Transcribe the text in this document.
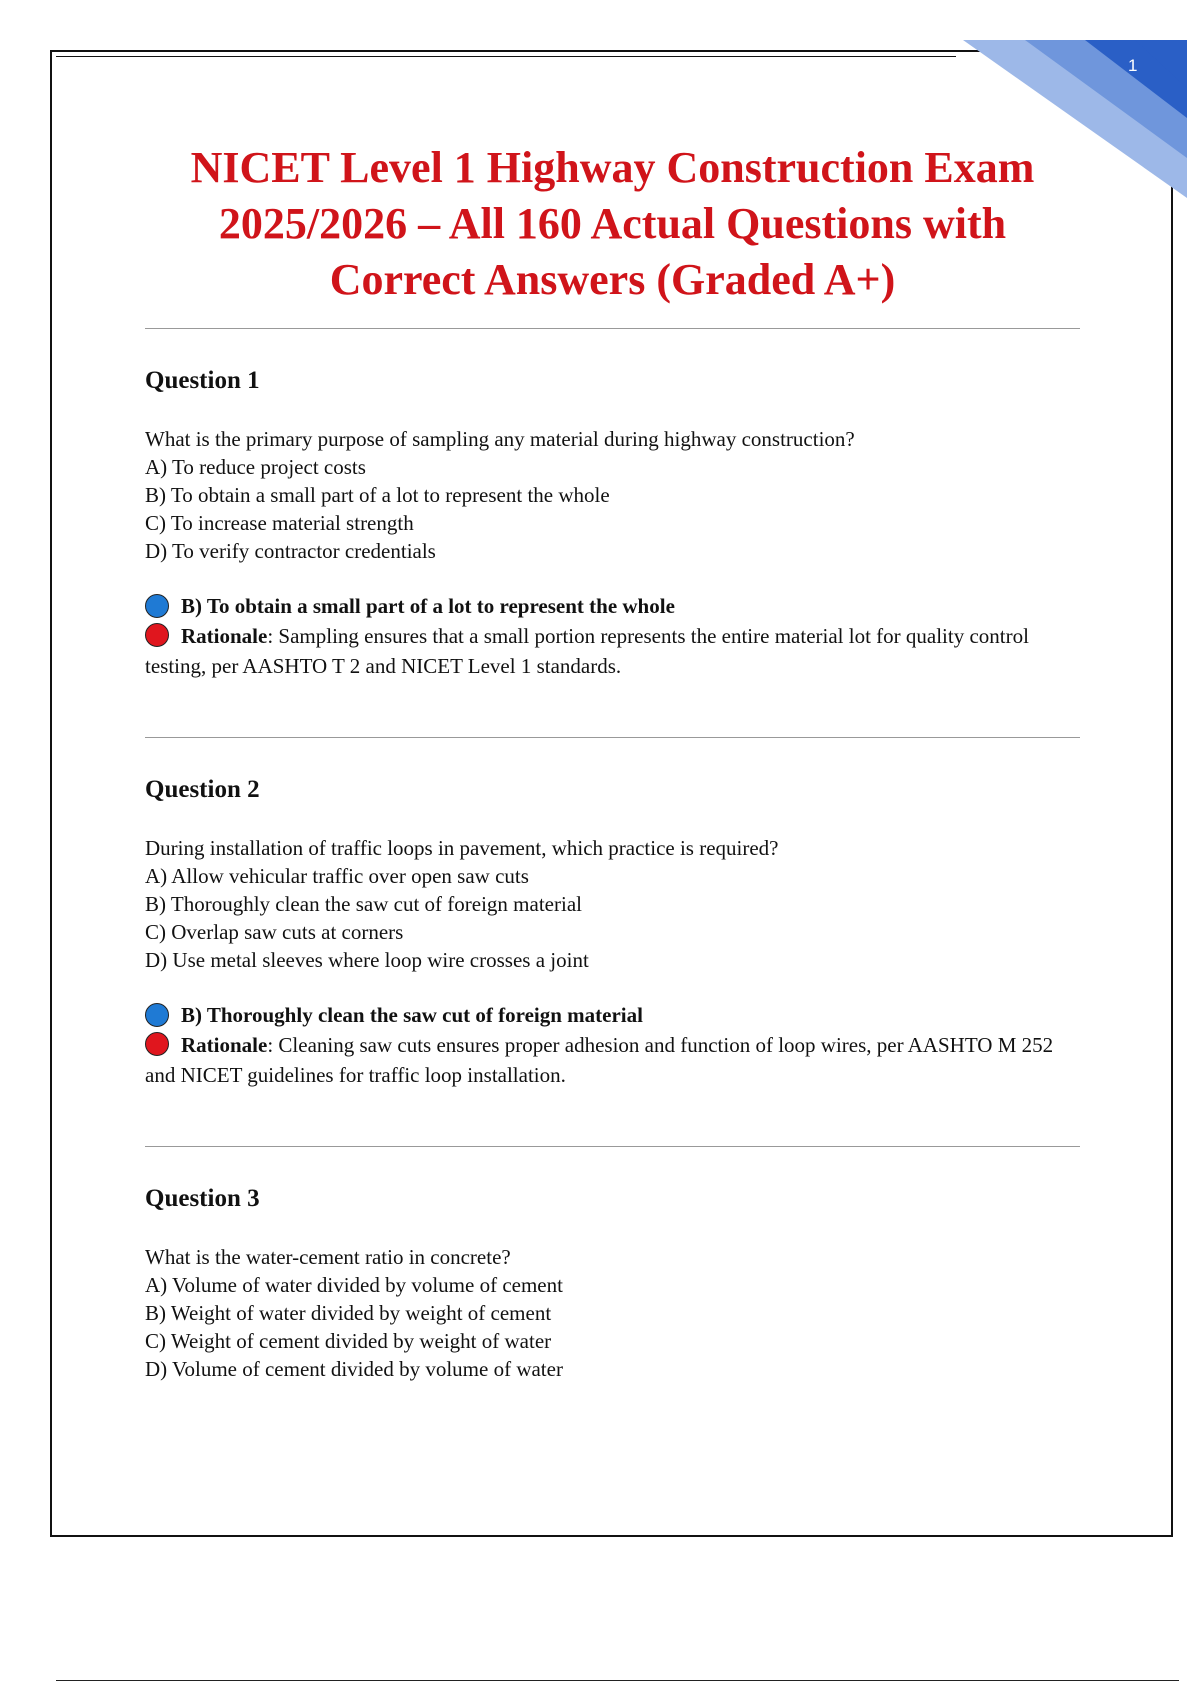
1
NICET Level 1 Highway Construction Exam 2025/2026 – All 160 Actual Questions with Correct Answers (Graded A+)

Question 1

What is the primary purpose of sampling any material during highway construction?

A) To reduce project costs

B) To obtain a small part of a lot to represent the whole

C) To increase material strength

D) To verify contractor credentials

B) To obtain a small part of a lot to represent the whole

Rationale: Sampling ensures that a small portion represents the entire material lot for quality control testing, per AASHTO T 2 and NICET Level 1 standards.

Question 2

During installation of traffic loops in pavement, which practice is required?

A) Allow vehicular traffic over open saw cuts

B) Thoroughly clean the saw cut of foreign material

C) Overlap saw cuts at corners

D) Use metal sleeves where loop wire crosses a joint

B) Thoroughly clean the saw cut of foreign material

Rationale: Cleaning saw cuts ensures proper adhesion and function of loop wires, per AASHTO M 252 and NICET guidelines for traffic loop installation.

Question 3

What is the water-cement ratio in concrete?

A) Volume of water divided by volume of cement

B) Weight of water divided by weight of cement

C) Weight of cement divided by weight of water

D) Volume of cement divided by volume of water
